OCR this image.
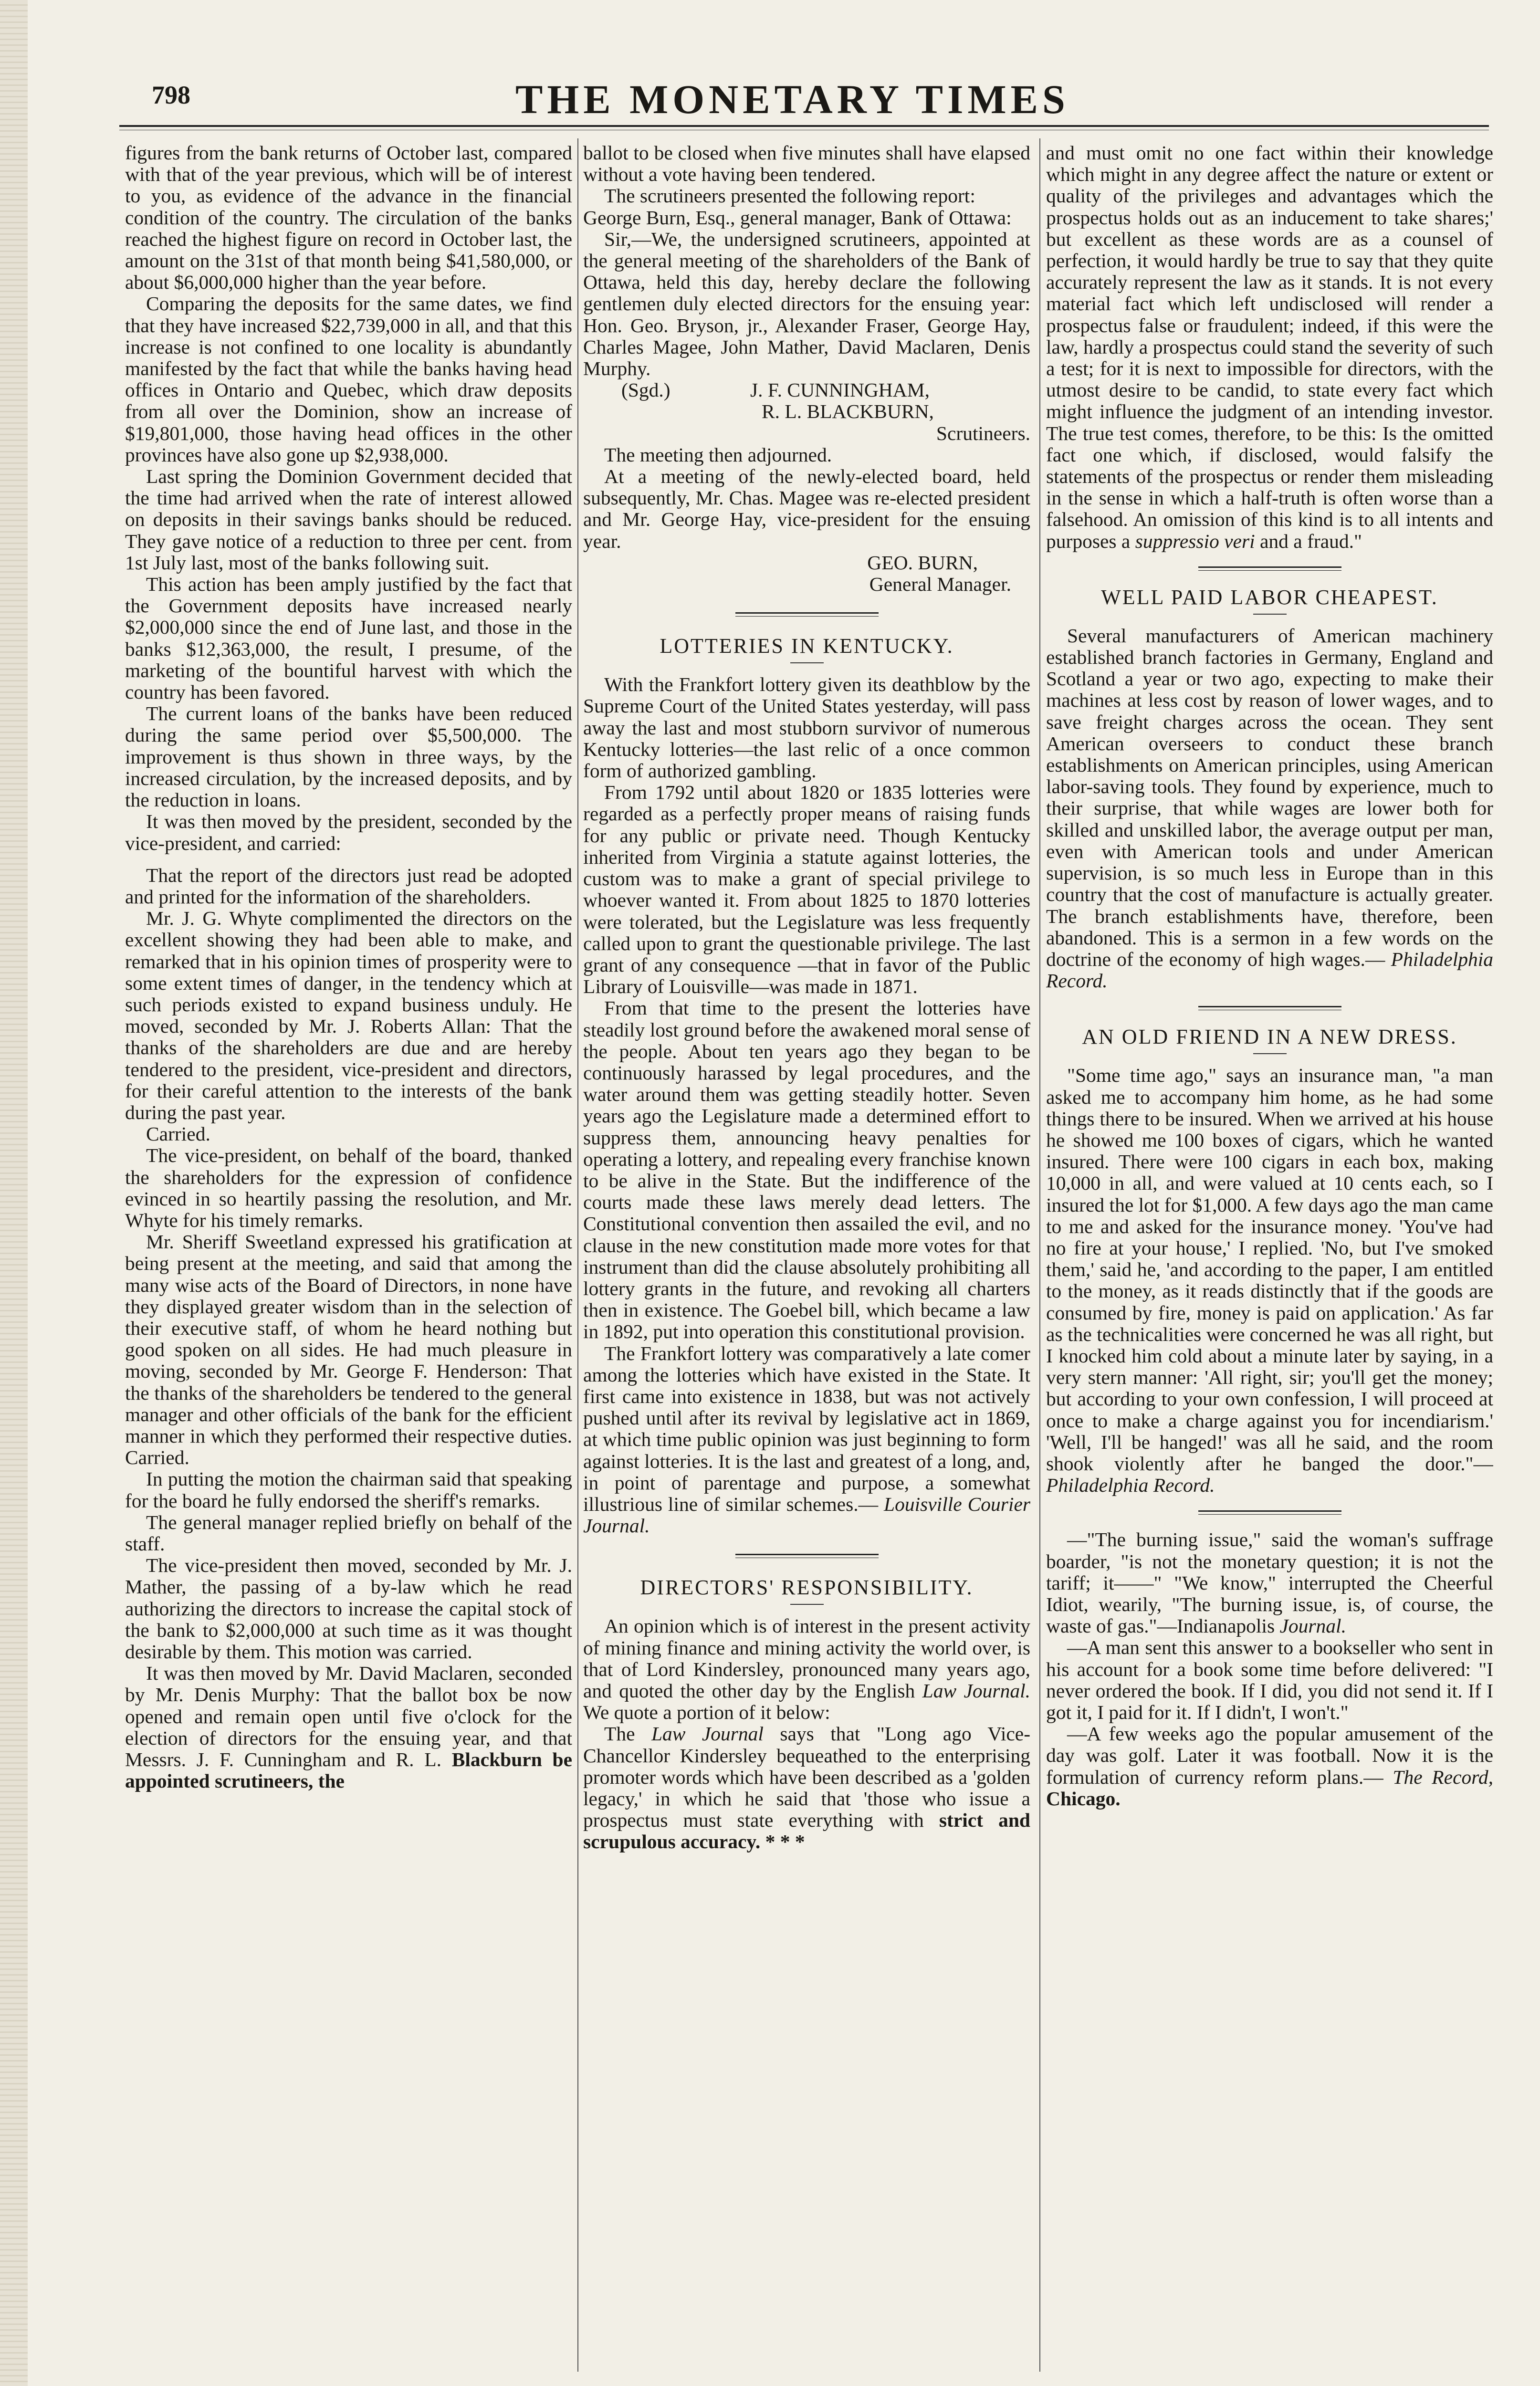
798	THE MONETARY TIMES

figures from the bank returns of October last, compared with that of the year previous, which will be of interest to you, as evidence of the advance in the financial condition of the country. The circulation of the banks reached the highest figure on record in October last, the amount on the 31st of that month being $41,580,000, or about $6,000,000 higher than the year before.

Comparing the deposits for the same dates, we find that they have increased $22,739,000 in all, and that this increase is not confined to one locality is abundantly manifested by the fact that while the banks having head offices in Ontario and Quebec, which draw deposits from all over the Dominion, show an increase of $19,801,000, those having head offices in the other provinces have also gone up $2,938,000.

Last spring the Dominion Government decided that the time had arrived when the rate of interest allowed on deposits in their savings banks should be reduced. They gave notice of a reduction to three per cent. from 1st July last, most of the banks following suit.

This action has been amply justified by the fact that the Government deposits have increased nearly $2,000,000 since the end of June last, and those in the banks $12,363,000, the result, I presume, of the marketing of the bountiful harvest with which the country has been favored.

The current loans of the banks have been reduced during the same period over $5,500,000. The improvement is thus shown in three ways, by the increased circulation, by the increased deposits, and by the reduction in loans.

It was then moved by the president, seconded by the vice-president, and carried:

That the report of the directors just read be adopted and printed for the information of the shareholders.

Mr. J. G. Whyte complimented the directors on the excellent showing they had been able to make, and remarked that in his opinion times of prosperity were to some extent times of danger, in the tendency which at such periods existed to expand business unduly. He moved, seconded by Mr. J. Roberts Allan: That the thanks of the shareholders are due and are hereby tendered to the president, vice-president and directors, for their careful attention to the interests of the bank during the past year.

Carried.

The vice-president, on behalf of the board, thanked the shareholders for the expression of confidence evinced in so heartily passing the resolution, and Mr. Whyte for his timely remarks.

Mr. Sheriff Sweetland expressed his gratification at being present at the meeting, and said that among the many wise acts of the Board of Directors, in none have they displayed greater wisdom than in the selection of their executive staff, of whom he heard nothing but good spoken on all sides. He had much pleasure in moving, seconded by Mr. George F. Henderson: That the thanks of the shareholders be tendered to the general manager and other officials of the bank for the efficient manner in which they performed their respective duties. Carried.

In putting the motion the chairman said that speaking for the board he fully endorsed the sheriff's remarks.

The general manager replied briefly on behalf of the staff.

The vice-president then moved, seconded by Mr. J. Mather, the passing of a by-law which he read authorizing the directors to increase the capital stock of the bank to $2,000,000 at such time as it was thought desirable by them. This motion was carried.

It was then moved by Mr. David Maclaren, seconded by Mr. Denis Murphy: That the ballot box be now opened and remain open until five o'clock for the election of directors for the ensuing year, and that Messrs. J. F. Cunningham and R. L. Blackburn be appointed scrutineers, the

ballot to be closed when five minutes shall have elapsed without a vote having been tendered.

The scrutineers presented the following report:

George Burn, Esq., general manager, Bank of Ottawa:

Sir,—We, the undersigned scrutineers, appointed at the general meeting of the shareholders of the Bank of Ottawa, held this day, hereby declare the following gentlemen duly elected directors for the ensuing year: Hon. Geo. Bryson, jr., Alexander Fraser, George Hay, Charles Magee, John Mather, David Maclaren, Denis Murphy.

(Sgd.)	J. F. CUNNINGHAM,
R. L. BLACKBURN,

Scrutineers.

The meeting then adjourned.

At a meeting of the newly-elected board, held subsequently, Mr. Chas. Magee was re-elected president and Mr. George Hay, vice-president for the ensuing year.

GEO. BURN,

General Manager.

LOTTERIES IN KENTUCKY.

With the Frankfort lottery given its deathblow by the Supreme Court of the United States yesterday, will pass away the last and most stubborn survivor of numerous Kentucky lotteries—the last relic of a once common form of authorized gambling.

From 1792 until about 1820 or 1835 lotteries were regarded as a perfectly proper means of raising funds for any public or private need. Though Kentucky inherited from Virginia a statute against lotteries, the custom was to make a grant of special privilege to whoever wanted it. From about 1825 to 1870 lotteries were tolerated, but the Legislature was less frequently called upon to grant the questionable privilege. The last grant of any consequence —that in favor of the Public Library of Louisville—was made in 1871.

From that time to the present the lotteries have steadily lost ground before the awakened moral sense of the people. About ten years ago they began to be continuously harassed by legal procedures, and the water around them was getting steadily hotter. Seven years ago the Legislature made a determined effort to suppress them, announcing heavy penalties for operating a lottery, and repealing every franchise known to be alive in the State. But the indifference of the courts made these laws merely dead letters. The Constitutional convention then assailed the evil, and no clause in the new constitution made more votes for that instrument than did the clause absolutely prohibiting all lottery grants in the future, and revoking all charters then in existence. The Goebel bill, which became a law in 1892, put into operation this constitutional provision.

The Frankfort lottery was comparatively a late comer among the lotteries which have existed in the State. It first came into existence in 1838, but was not actively pushed until after its revival by legislative act in 1869, at which time public opinion was just beginning to form against lotteries. It is the last and greatest of a long, and, in point of parentage and purpose, a somewhat illustrious line of similar schemes.— Louisville Courier Journal.

DIRECTORS' RESPONSIBILITY.

An opinion which is of interest in the present activity of mining finance and mining activity the world over, is that of Lord Kindersley, pronounced many years ago, and quoted the other day by the English Law Journal. We quote a portion of it below:

The Law Journal says that "Long ago Vice-Chancellor Kindersley bequeathed to the enterprising promoter words which have been described as a 'golden legacy,' in which he said that 'those who issue a prospectus must state everything with strict and scrupulous accuracy. * * *

and must omit no one fact within their knowledge which might in any degree affect the nature or extent or quality of the privileges and advantages which the prospectus holds out as an inducement to take shares;' but excellent as these words are as a counsel of perfection, it would hardly be true to say that they quite accurately represent the law as it stands. It is not every material fact which left undisclosed will render a prospectus false or fraudulent; indeed, if this were the law, hardly a prospectus could stand the severity of such a test; for it is next to impossible for directors, with the utmost desire to be candid, to state every fact which might influence the judgment of an intending investor. The true test comes, therefore, to be this: Is the omitted fact one which, if disclosed, would falsify the statements of the prospectus or render them misleading in the sense in which a half-truth is often worse than a falsehood. An omission of this kind is to all intents and purposes a suppressio veri and a fraud."

WELL PAID LABOR CHEAPEST.

Several manufacturers of American machinery established branch factories in Germany, England and Scotland a year or two ago, expecting to make their machines at less cost by reason of lower wages, and to save freight charges across the ocean. They sent American overseers to conduct these branch establishments on American principles, using American labor-saving tools. They found by experience, much to their surprise, that while wages are lower both for skilled and unskilled labor, the average output per man, even with American tools and under American supervision, is so much less in Europe than in this country that the cost of manufacture is actually greater. The branch establishments have, therefore, been abandoned. This is a sermon in a few words on the doctrine of the economy of high wages.— Philadelphia Record.

AN OLD FRIEND IN A NEW DRESS.

"Some time ago," says an insurance man, "a man asked me to accompany him home, as he had some things there to be insured. When we arrived at his house he showed me 100 boxes of cigars, which he wanted insured. There were 100 cigars in each box, making 10,000 in all, and were valued at 10 cents each, so I insured the lot for $1,000. A few days ago the man came to me and asked for the insurance money. 'You've had no fire at your house,' I replied. 'No, but I've smoked them,' said he, 'and according to the paper, I am entitled to the money, as it reads distinctly that if the goods are consumed by fire, money is paid on application.' As far as the technicalities were concerned he was all right, but I knocked him cold about a minute later by saying, in a very stern manner: 'All right, sir; you'll get the money; but according to your own confession, I will proceed at once to make a charge against you for incendiarism.' 'Well, I'll be hanged!' was all he said, and the room shook violently after he banged the door."— Philadelphia Record.

—"The burning issue," said the woman's suffrage boarder, "is not the monetary question; it is not the tariff; it——" "We know," interrupted the Cheerful Idiot, wearily, "The burning issue, is, of course, the waste of gas."—Indianapolis Journal.

—A man sent this answer to a bookseller who sent in his account for a book some time before delivered: "I never ordered the book. If I did, you did not send it. If I got it, I paid for it. If I didn't, I won't."

—A few weeks ago the popular amusement of the day was golf. Later it was football. Now it is the formulation of currency reform plans.— The Record, Chicago.
